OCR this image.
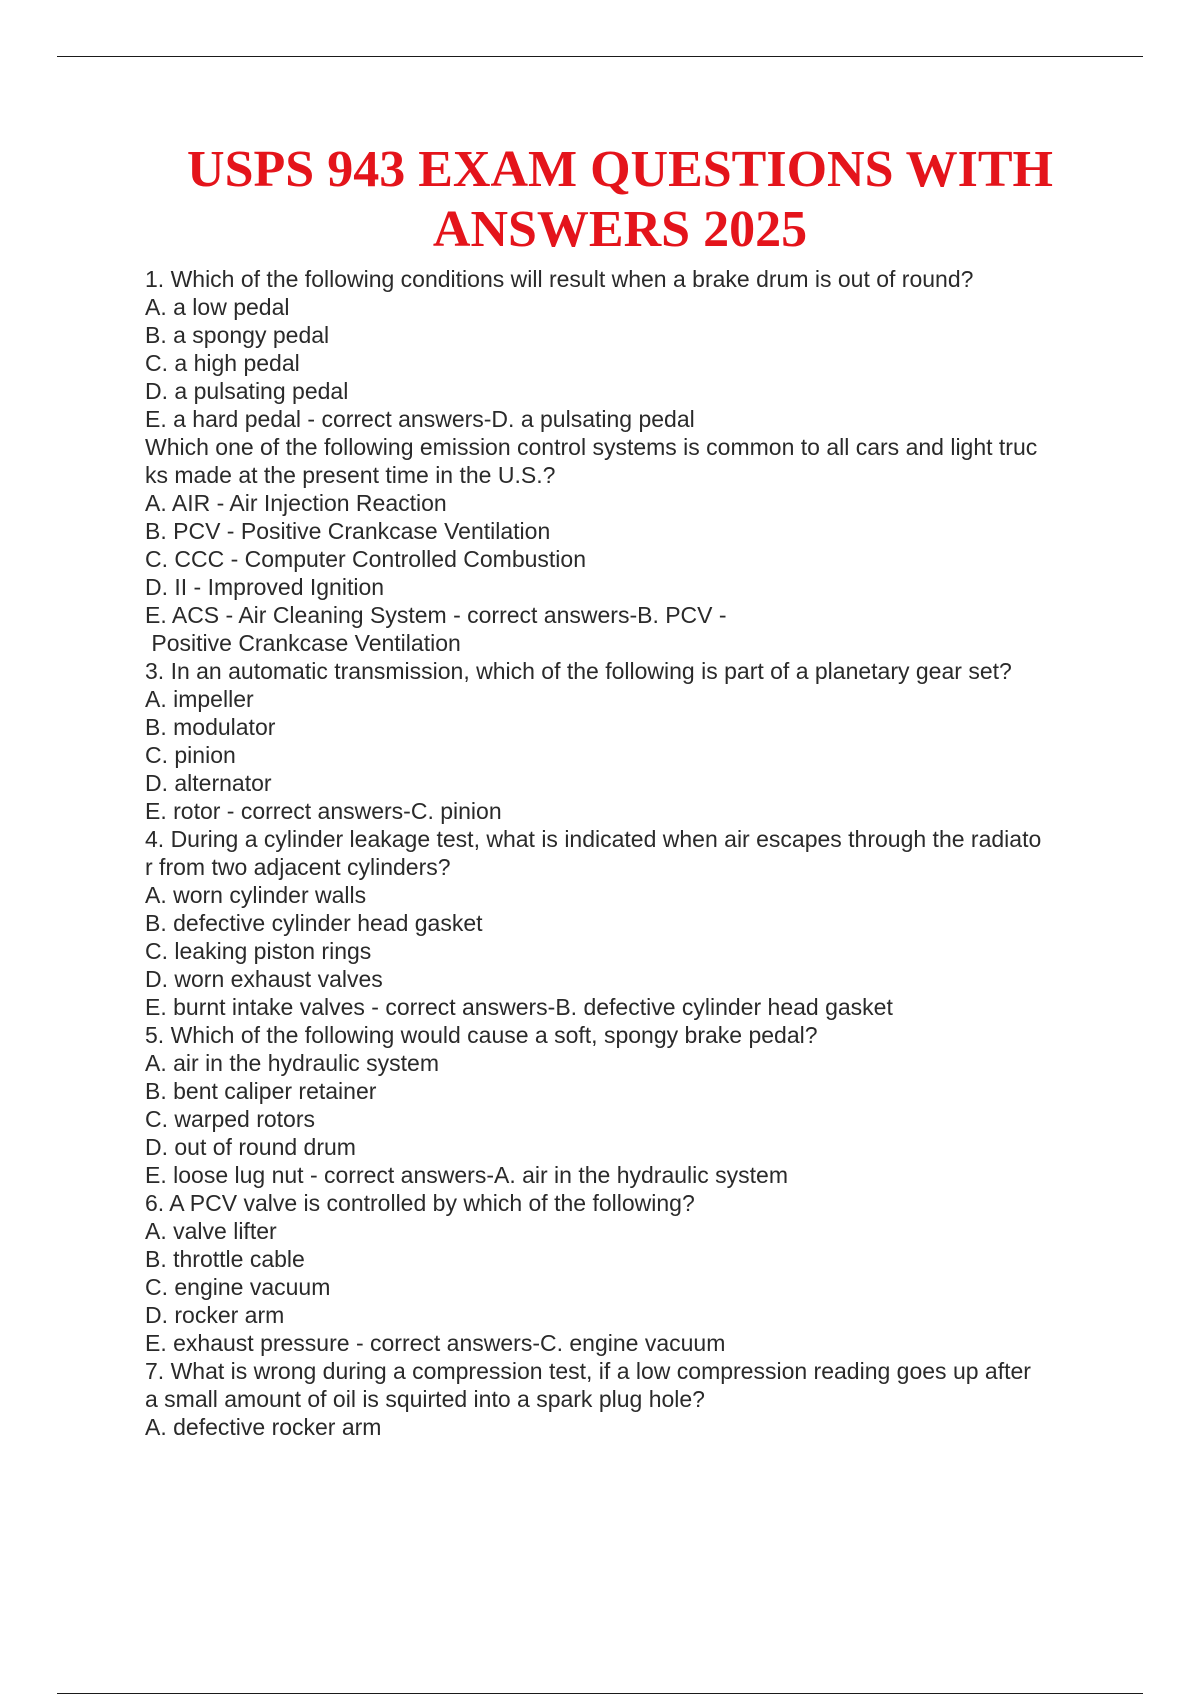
USPS 943 EXAM QUESTIONS WITH
ANSWERS 2025
1. Which of the following conditions will result when a brake drum is out of round?
A. a low pedal
B. a spongy pedal
C. a high pedal
D. a pulsating pedal
E. a hard pedal - correct answers-D. a pulsating pedal
Which one of the following emission control systems is common to all cars and light truc
ks made at the present time in the U.S.?
A. AIR - Air Injection Reaction
B. PCV - Positive Crankcase Ventilation
C. CCC - Computer Controlled Combustion
D. II - Improved Ignition
E. ACS - Air Cleaning System - correct answers-B. PCV -
Positive Crankcase Ventilation
3. In an automatic transmission, which of the following is part of a planetary gear set?
A. impeller
B. modulator
C. pinion
D. alternator
E. rotor - correct answers-C. pinion
4. During a cylinder leakage test, what is indicated when air escapes through the radiato
r from two adjacent cylinders?
A. worn cylinder walls
B. defective cylinder head gasket
C. leaking piston rings
D. worn exhaust valves
E. burnt intake valves - correct answers-B. defective cylinder head gasket
5. Which of the following would cause a soft, spongy brake pedal?
A. air in the hydraulic system
B. bent caliper retainer
C. warped rotors
D. out of round drum
E. loose lug nut - correct answers-A. air in the hydraulic system
6. A PCV valve is controlled by which of the following?
A. valve lifter
B. throttle cable
C. engine vacuum
D. rocker arm
E. exhaust pressure - correct answers-C. engine vacuum
7. What is wrong during a compression test, if a low compression reading goes up after
a small amount of oil is squirted into a spark plug hole?
A. defective rocker arm
